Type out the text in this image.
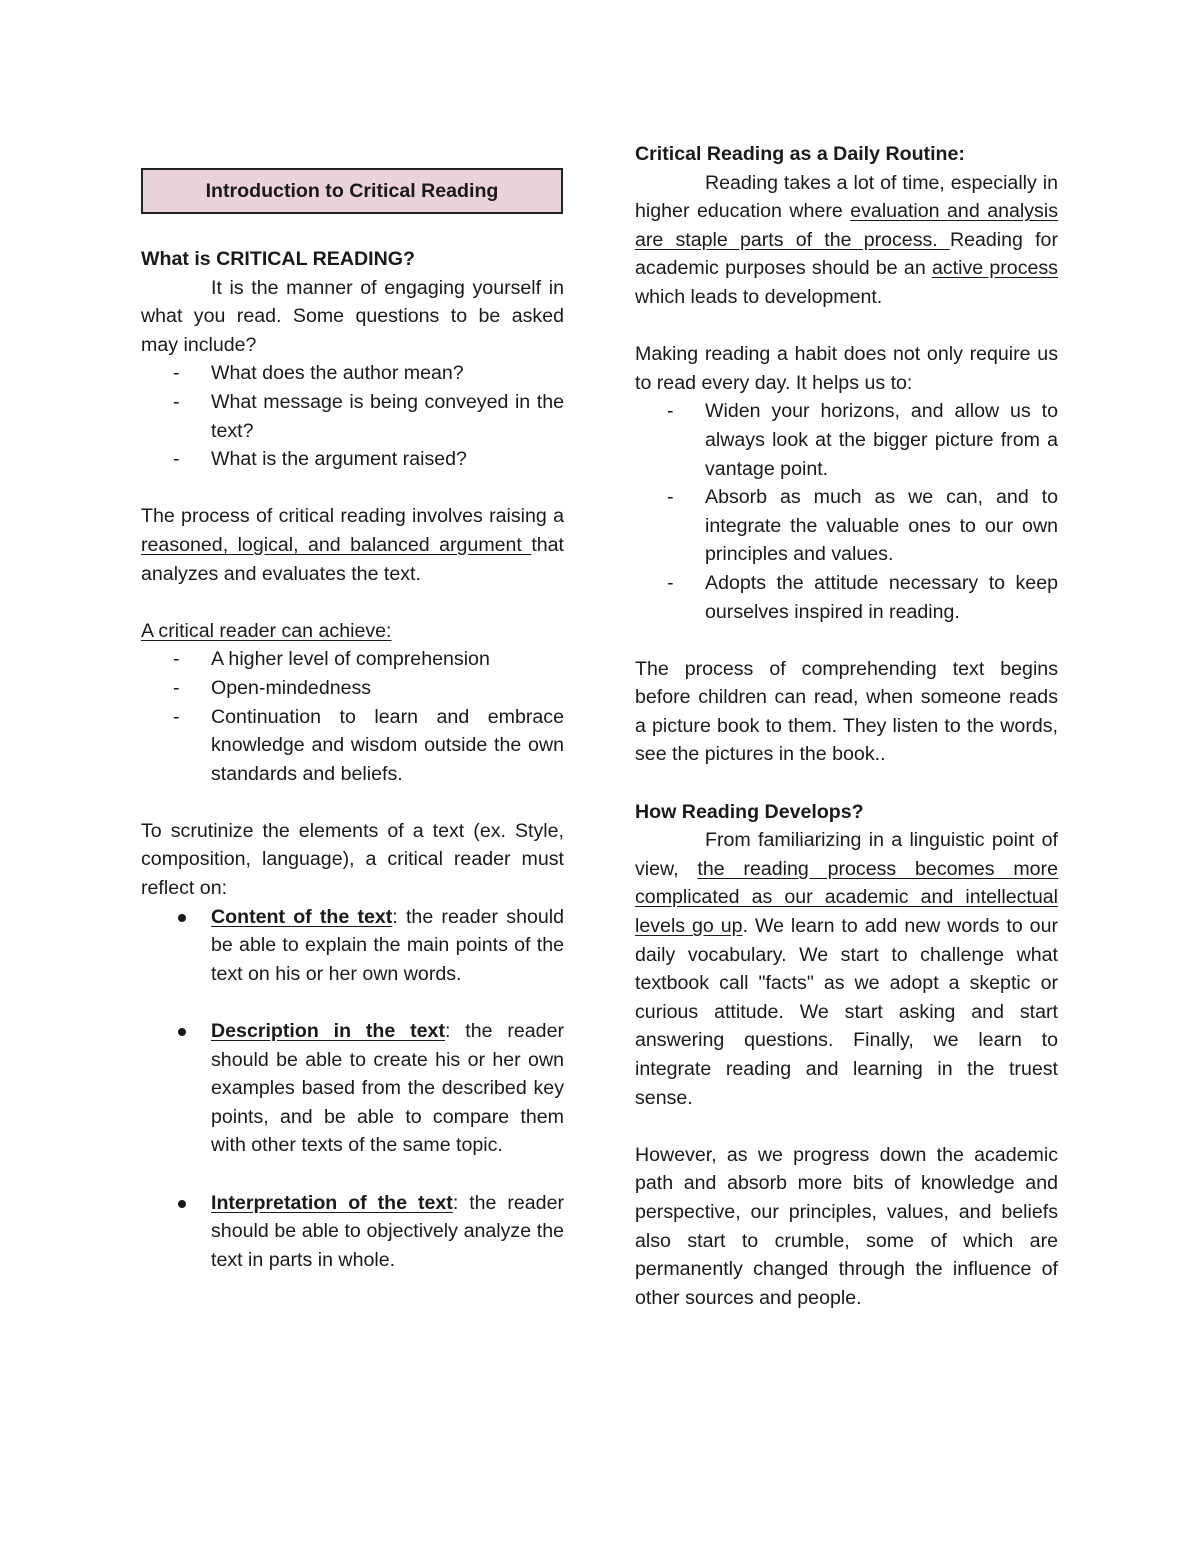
Introduction to Critical Reading

What is CRITICAL READING?

It is the manner of engaging yourself in what you read. Some questions to be asked may include?

- What does the author mean?
- What message is being conveyed in the text?
- What is the argument raised?

The process of critical reading involves raising a reasoned, logical, and balanced argument that analyzes and evaluates the text.

A critical reader can achieve:

- A higher level of comprehension
- Open-mindedness
- Continuation to learn and embrace knowledge and wisdom outside the own standards and beliefs.

To scrutinize the elements of a text (ex. Style, composition, language), a critical reader must reflect on:

Content of the text: the reader should be able to explain the main points of the text on his or her own words.
Description in the text: the reader should be able to create his or her own examples based from the described key points, and be able to compare them with other texts of the same topic.
Interpretation of the text: the reader should be able to objectively analyze the text in parts in whole.

Critical Reading as a Daily Routine:

Reading takes a lot of time, especially in higher education where evaluation and analysis are staple parts of the process. Reading for academic purposes should be an active process which leads to development.

Making reading a habit does not only require us to read every day. It helps us to:

- Widen your horizons, and allow us to always look at the bigger picture from a vantage point.
- Absorb as much as we can, and to integrate the valuable ones to our own principles and values.
- Adopts the attitude necessary to keep ourselves inspired in reading.

The process of comprehending text begins before children can read, when someone reads a picture book to them. They listen to the words, see the pictures in the book..

How Reading Develops?

From familiarizing in a linguistic point of view, the reading process becomes more complicated as our academic and intellectual levels go up. We learn to add new words to our daily vocabulary. We start to challenge what textbook call "facts" as we adopt a skeptic or curious attitude. We start asking and start answering questions. Finally, we learn to integrate reading and learning in the truest sense.

However, as we progress down the academic path and absorb more bits of knowledge and perspective, our principles, values, and beliefs also start to crumble, some of which are permanently changed through the influence of other sources and people.
